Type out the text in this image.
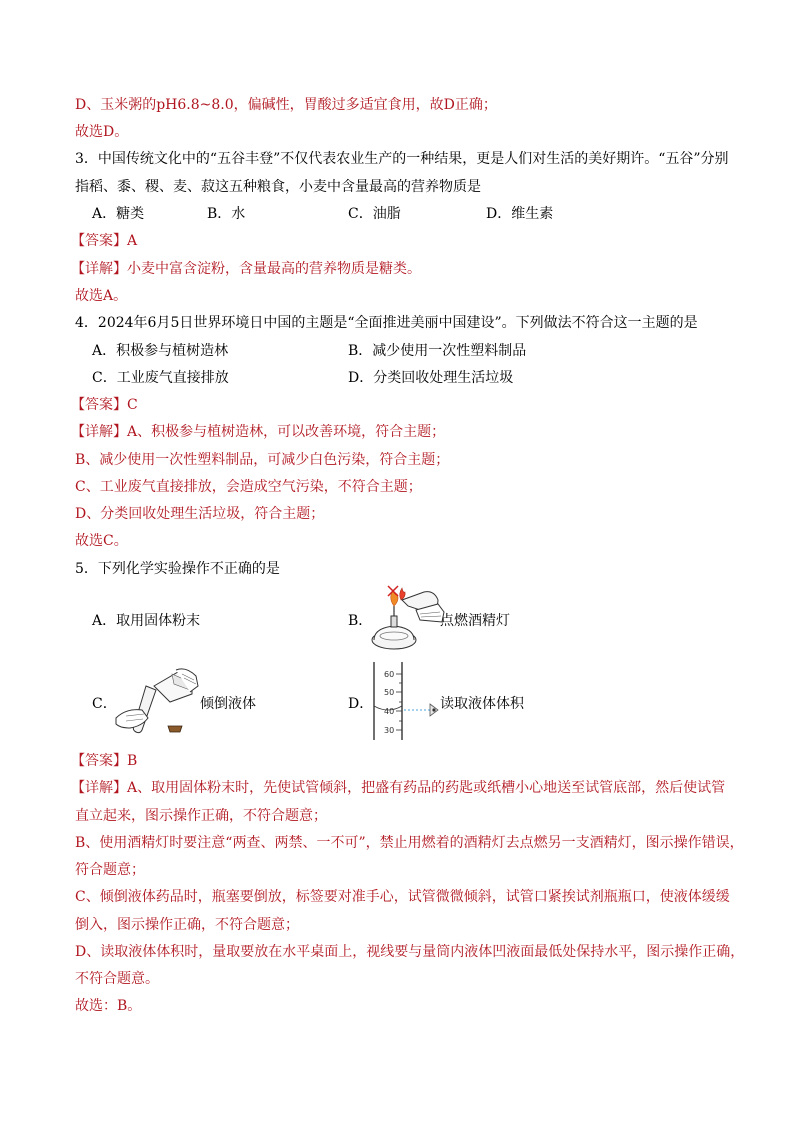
D、玉米粥的pH6.8~8.0，偏碱性，胃酸过多适宜食用，故D正确；
故选D。
3．中国传统文化中的“五谷丰登”不仅代表农业生产的一种结果，更是人们对生活的美好期许。“五谷”分别
指稻、黍、稷、麦、菽这五种粮食，小麦中含量最高的营养物质是
A．糖类	B．水	C．油脂	D．维生素
【答案】A
【详解】小麦中富含淀粉，含量最高的营养物质是糖类。
故选A。
4．2024年6月5日世界环境日中国的主题是“全面推进美丽中国建设”。下列做法不符合这一主题的是
A．积极参与植树造林	B．减少使用一次性塑料制品
C．工业废气直接排放	D．分类回收处理生活垃圾
【答案】C
【详解】A、积极参与植树造林，可以改善环境，符合主题；
B、减少使用一次性塑料制品，可减少白色污染，符合主题；
C、工业废气直接排放，会造成空气污染，不符合主题；
D、分类回收处理生活垃圾，符合主题；
故选C。
5．下列化学实验操作不正确的是
A．取用固体粉末	B．	点燃酒精灯
C．	倾倒液体	D．
60
50
40
30
读取液体体积
【答案】B
【详解】A、取用固体粉末时，先使试管倾斜，把盛有药品的药匙或纸槽小心地送至试管底部，然后使试管
直立起来，图示操作正确，不符合题意；
B、使用酒精灯时要注意“两查、两禁、一不可”，禁止用燃着的酒精灯去点燃另一支酒精灯，图示操作错误，
符合题意；
C、倾倒液体药品时，瓶塞要倒放，标签要对准手心，试管微微倾斜，试管口紧挨试剂瓶瓶口，使液体缓缓
倒入，图示操作正确，不符合题意；
D、读取液体体积时，量取要放在水平桌面上，视线要与量筒内液体凹液面最低处保持水平，图示操作正确，
不符合题意。
故选：B。
